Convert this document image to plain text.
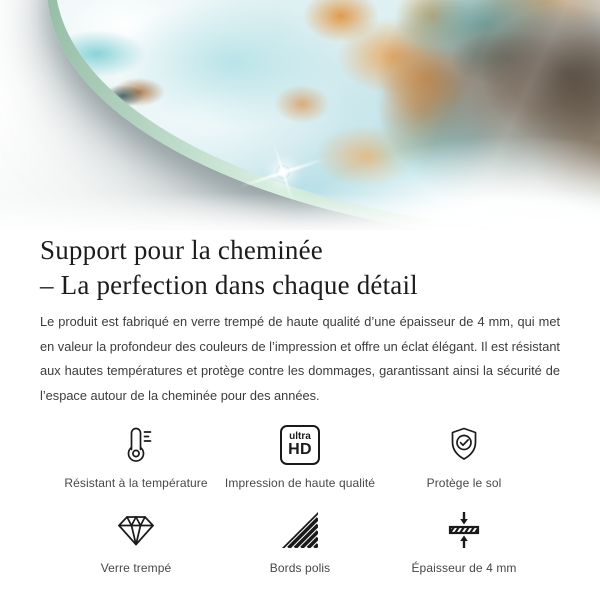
Support pour la cheminée
– La perfection dans chaque détail

Le produit est fabriqué en verre trempé de haute qualité d’une épaisseur de 4 mm, qui met en valeur la profondeur des couleurs de l’impression et offre un éclat élégant. Il est résistant aux hautes températures et protège contre les dommages, garantissant ainsi la sécurité de l’espace autour de la cheminée pour des années.

Résistant à la température
ultra
HD
Impression de haute qualité	Protège le sol
Verre trempé	Bords polis	Épaisseur de 4 mm
